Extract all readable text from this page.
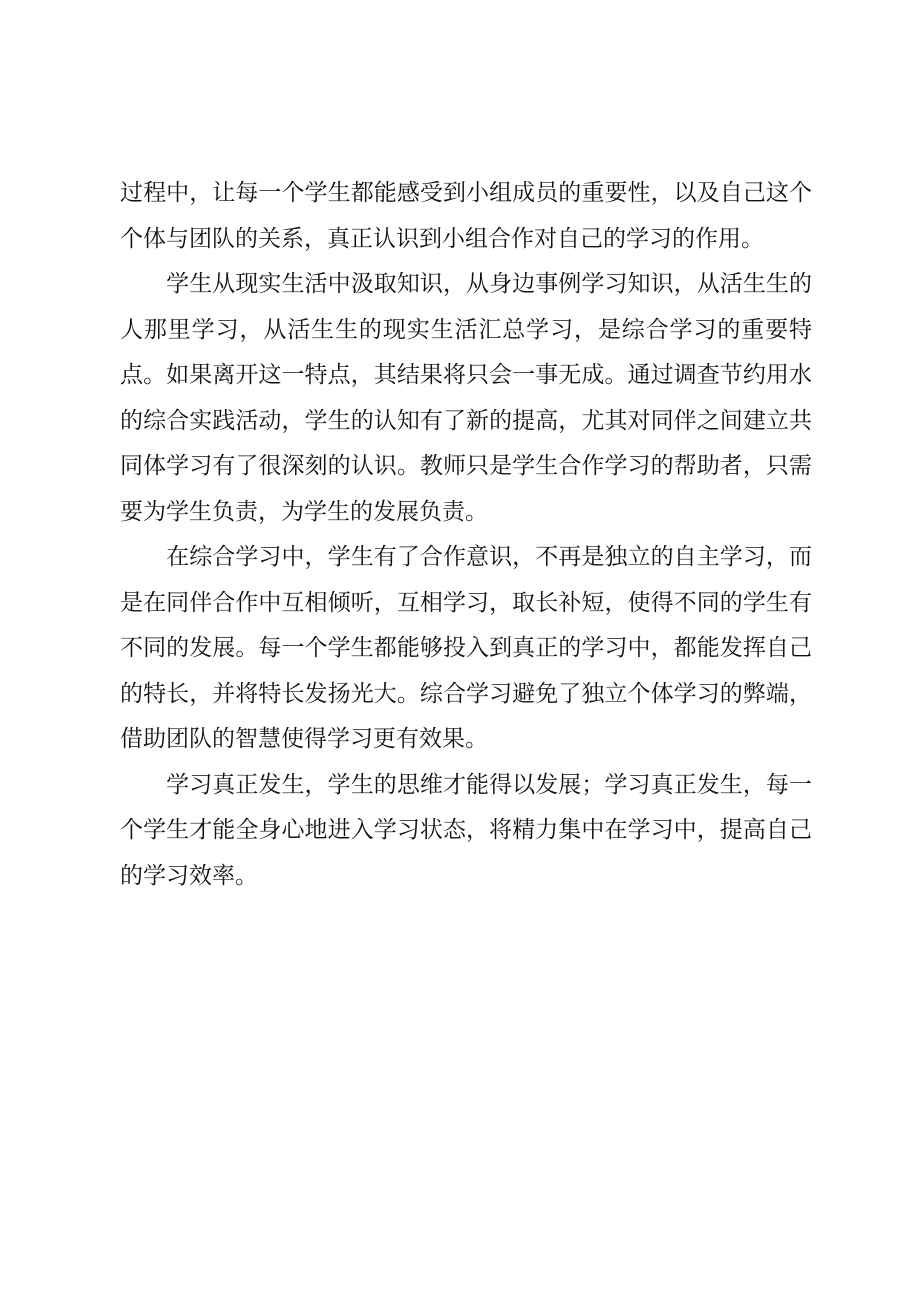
过程中，让每一个学生都能感受到小组成员的重要性，以及自己这个个体与团队的关系，真正认识到小组合作对自己的学习的作用。

　　学生从现实生活中汲取知识，从身边事例学习知识，从活生生的人那里学习，从活生生的现实生活汇总学习，是综合学习的重要特点。如果离开这一特点，其结果将只会一事无成。通过调查节约用水的综合实践活动，学生的认知有了新的提高，尤其对同伴之间建立共同体学习有了很深刻的认识。教师只是学生合作学习的帮助者，只需要为学生负责，为学生的发展负责。

　　在综合学习中，学生有了合作意识，不再是独立的自主学习，而是在同伴合作中互相倾听，互相学习，取长补短，使得不同的学生有不同的发展。每一个学生都能够投入到真正的学习中，都能发挥自己的特长，并将特长发扬光大。综合学习避免了独立个体学习的弊端，借助团队的智慧使得学习更有效果。

　　学习真正发生，学生的思维才能得以发展；学习真正发生，每一个学生才能全身心地进入学习状态，将精力集中在学习中，提高自己的学习效率。
